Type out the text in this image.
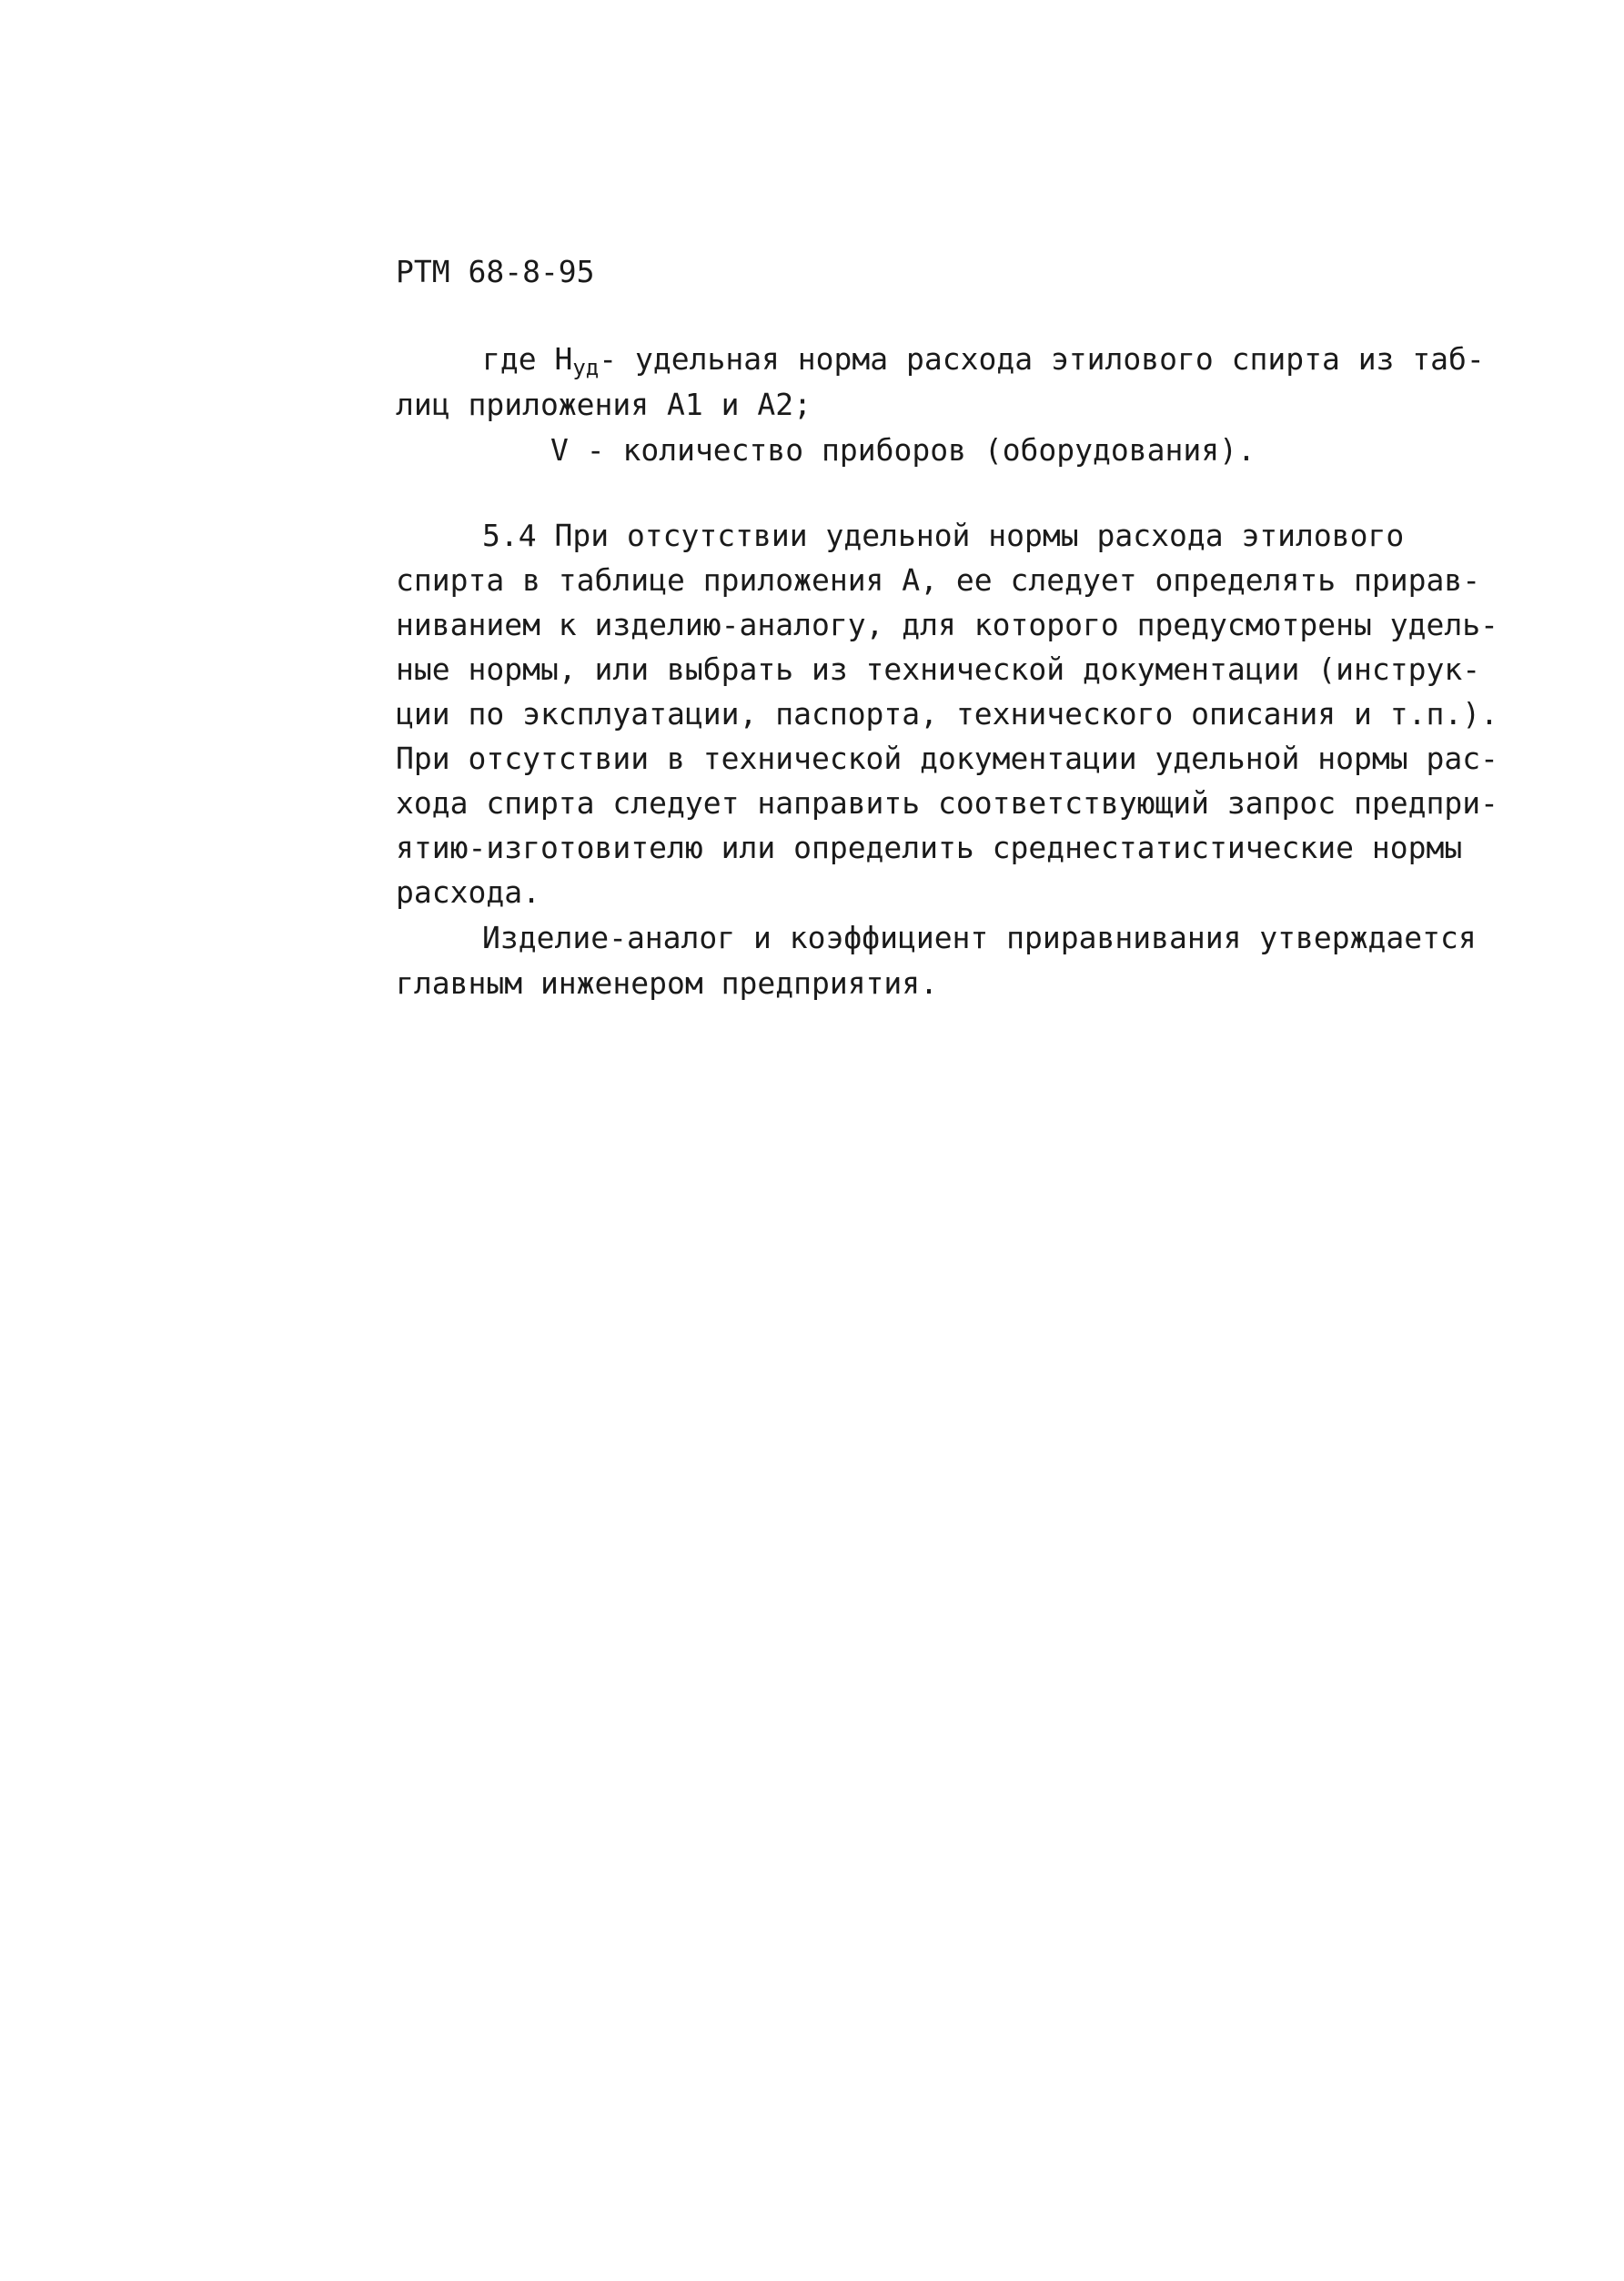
РТМ 68-8-95
где $Н_{уд}-$ удельная норма расхода этилового спирта из таб-
лиц приложения А1 и А2;
V - количество приборов (оборудования).
5.4 При отсутствии удельной нормы расхода этилового
спирта в таблице приложения А, ее следует определять прирав-
ниванием к изделию-аналогу, для которого предусмотрены удель-
ные нормы, или выбрать из технической документации (инструк-
ции по эксплуатации, паспорта, технического описания и т.п.).
При отсутствии в технической документации удельной нормы рас-
хода спирта следует направить соответствующий запрос предпри-
ятию-изготовителю или определить среднестатистические нормы
расхода.
Изделие-аналог и коэффициент приравнивания утверждается
главным инженером предприятия.
